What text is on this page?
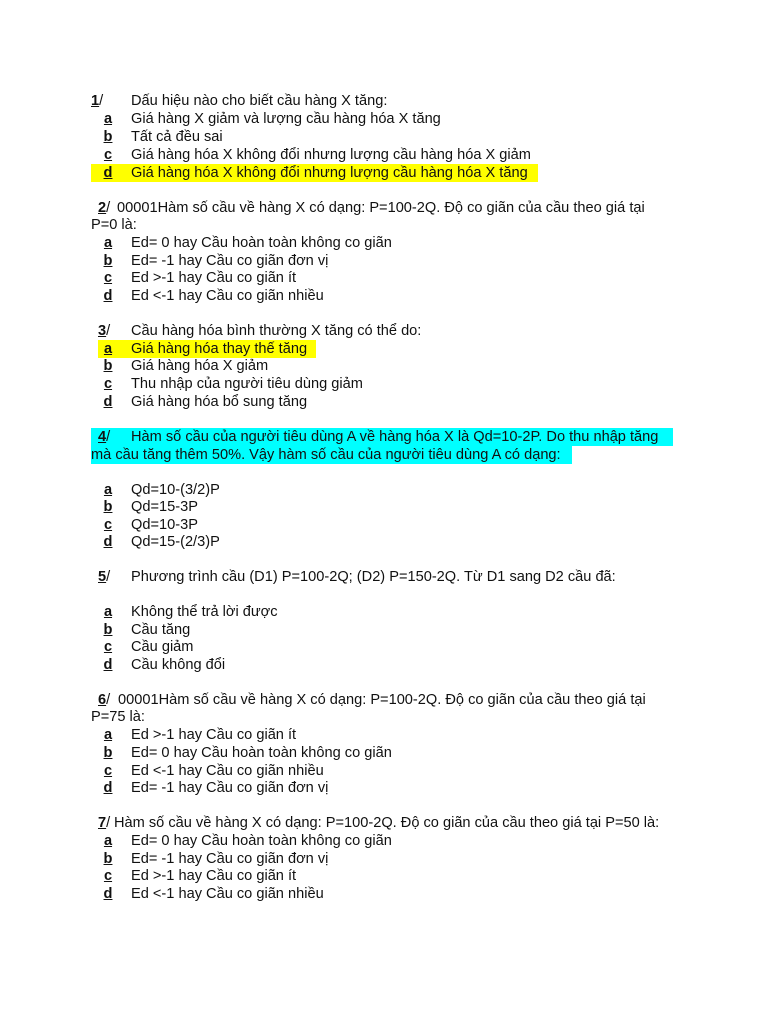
1/ Dấu hiệu nào cho biết cầu hàng X tăng:
a Giá hàng X giảm và lượng cầu hàng hóa X tăng
b Tất cả đều sai
c Giá hàng hóa X không đổi nhưng lượng cầu hàng hóa X giảm
d Giá hàng hóa X không đổi nhưng lượng cầu hàng hóa X tăng
2/ 00001Hàm số cầu về hàng X có dạng: P=100-2Q. Độ co giãn của cầu theo giá tại
P=0 là:
a Ed= 0 hay Cầu hoàn toàn không co giãn
b Ed= -1 hay Cầu co giãn đơn vị
c Ed >-1 hay Cầu co giãn ít
d Ed <-1 hay Cầu co giãn nhiều
3/ Cầu hàng hóa bình thường X tăng có thể do:
a Giá hàng hóa thay thế tăng
b Giá hàng hóa X giảm
c Thu nhập của người tiêu dùng giảm
d Giá hàng hóa bổ sung tăng
4/ Hàm số cầu của người tiêu dùng A về hàng hóa X là Qd=10-2P. Do thu nhập tăng
mà cầu tăng thêm 50%. Vậy hàm số cầu của người tiêu dùng A có dạng:
a Qd=10-(3/2)P
b Qd=15-3P
c Qd=10-3P
d Qd=15-(2/3)P
5/ Phương trình cầu (D1) P=100-2Q; (D2) P=150-2Q. Từ D1 sang D2 cầu đã:
a Không thể trả lời được
b Cầu tăng
c Cầu giảm
d Cầu không đổi
6/ 00001Hàm số cầu về hàng X có dạng: P=100-2Q. Độ co giãn của cầu theo giá tại
P=75 là:
a Ed >-1 hay Cầu co giãn ít
b Ed= 0 hay Cầu hoàn toàn không co giãn
c Ed <-1 hay Cầu co giãn nhiều
d Ed= -1 hay Cầu co giãn đơn vị
7/ Hàm số cầu về hàng X có dạng: P=100-2Q. Độ co giãn của cầu theo giá tại P=50 là:
a Ed= 0 hay Cầu hoàn toàn không co giãn
b Ed= -1 hay Cầu co giãn đơn vị
c Ed >-1 hay Cầu co giãn ít
d Ed <-1 hay Cầu co giãn nhiều
